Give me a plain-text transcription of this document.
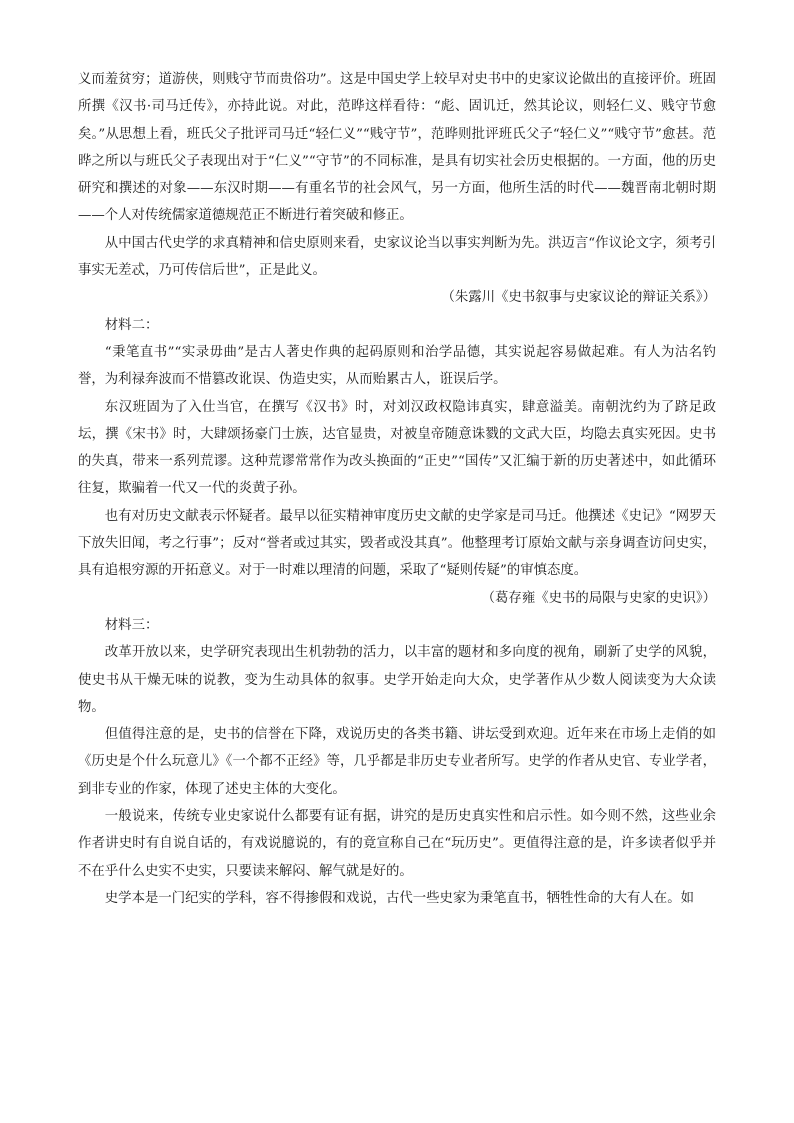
义而羞贫穷；道游侠，则贱守节而贵俗功”。这是中国史学上较早对史书中的史家议论做出的直接评价。班固所撰《汉书·司马迁传》，亦持此说。对此，范晔这样看待：“彪、固讥迁，然其论议，则轻仁义、贱守节愈矣。”从思想上看，班氏父子批评司马迁“轻仁义”“贱守节”，范晔则批评班氏父子“轻仁义”“贱守节”愈甚。范晔之所以与班氏父子表现出对于“仁义”“守节”的不同标准，是具有切实社会历史根据的。一方面，他的历史研究和撰述的对象——东汉时期——有重名节的社会风气，另一方面，他所生活的时代——魏晋南北朝时期——个人对传统儒家道德规范正不断进行着突破和修正。

从中国古代史学的求真精神和信史原则来看，史家议论当以事实判断为先。洪迈言“作议论文字，须考引事实无差忒，乃可传信后世”，正是此义。

（朱露川《史书叙事与史家议论的辩证关系》）

材料二：

“秉笔直书”“实录毋曲”是古人著史作典的起码原则和治学品德，其实说起容易做起难。有人为沽名钓誉，为利禄奔波而不惜篡改讹误、伪造史实，从而贻累古人，诳误后学。

东汉班固为了入仕当官，在撰写《汉书》时，对刘汉政权隐讳真实，肆意溢美。南朝沈约为了跻足政坛，撰《宋书》时，大肆颂扬豪门士族，达官显贵，对被皇帝随意诛戮的文武大臣，均隐去真实死因。史书的失真，带来一系列荒谬。这种荒谬常常作为改头换面的“正史”“国传”又汇编于新的历史著述中，如此循环往复，欺骗着一代又一代的炎黄子孙。

也有对历史文献表示怀疑者。最早以征实精神审度历史文献的史学家是司马迁。他撰述《史记》“网罗天下放失旧闻，考之行事”；反对“誉者或过其实，毁者或没其真”。他整理考订原始文献与亲身调查访问史实，具有追根穷源的开拓意义。对于一时难以理清的问题，采取了“疑则传疑”的审慎态度。

（葛存雍《史书的局限与史家的史识》）

材料三：

改革开放以来，史学研究表现出生机勃勃的活力，以丰富的题材和多向度的视角，刷新了史学的风貌，使史书从干燥无味的说教，变为生动具体的叙事。史学开始走向大众，史学著作从少数人阅读变为大众读物。

但值得注意的是，史书的信誉在下降，戏说历史的各类书籍、讲坛受到欢迎。近年来在市场上走俏的如《历史是个什么玩意儿》《一个都不正经》等，几乎都是非历史专业者所写。史学的作者从史官、专业学者，到非专业的作家，体现了述史主体的大变化。

一般说来，传统专业史家说什么都要有证有据，讲究的是历史真实性和启示性。如今则不然，这些业余作者讲史时有自说自话的，有戏说臆说的，有的竟宣称自己在“玩历史”。更值得注意的是，许多读者似乎并不在乎什么史实不史实，只要读来解闷、解气就是好的。

史学本是一门纪实的学科，容不得掺假和戏说，古代一些史家为秉笔直书，牺牲性命的大有人在。如
